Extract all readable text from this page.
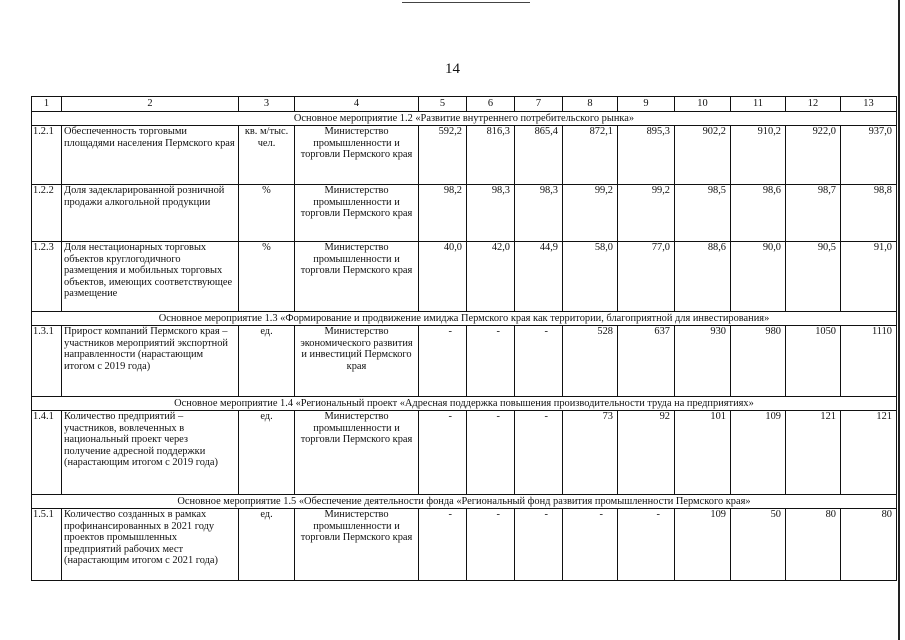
14
1	2	3	4	5	6	7	8	9	10	11	12	13
Основное мероприятие 1.2 «Развитие внутреннего потребительского рынка»												
1.2.1	Обеспеченность торговыми площадями населения Пермского края	кв. м/тыс. чел.	Министерство промышленности и торговли Пермского края	592,2	816,3	865,4	872,1	895,3	902,2	910,2	922,0	937,0
1.2.2	Доля задекларированной розничной продажи алкогольной продукции	%	Министерство промышленности и торговли Пермского края	98,2	98,3	98,3	99,2	99,2	98,5	98,6	98,7	98,8
1.2.3	Доля нестационарных торговых объектов круглогодичного размещения и мобильных торговых объектов, имеющих соответствующее размещение	%	Министерство промышленности и торговли Пермского края	40,0	42,0	44,9	58,0	77,0	88,6	90,0	90,5	91,0
Основное мероприятие 1.3 «Формирование и продвижение имиджа Пермского края как территории, благоприятной для инвестирования»												
1.3.1	Прирост компаний Пермского края – участников мероприятий экспортной направленности (нарастающим итогом с 2019 года)	ед.	Министерство экономического развития и инвестиций Пермского края	-	-	-	528	637	930	980	1050	1110
Основное мероприятие 1.4 «Региональный проект «Адресная поддержка повышения производительности труда на предприятиях»												
1.4.1	Количество предприятий – участников, вовлеченных в национальный проект через получение адресной поддержки (нарастающим итогом с 2019 года)	ед.	Министерство промышленности и торговли Пермского края	-	-	-	73	92	101	109	121	121
Основное мероприятие 1.5 «Обеспечение деятельности фонда «Региональный фонд развития промышленности Пермского края»												
1.5.1	Количество созданных в рамках профинансированных в 2021 году проектов промышленных предприятий рабочих мест (нарастающим итогом с 2021 года)	ед.	Министерство промышленности и торговли Пермского края	-	-	-	-	-	109	50	80	80
